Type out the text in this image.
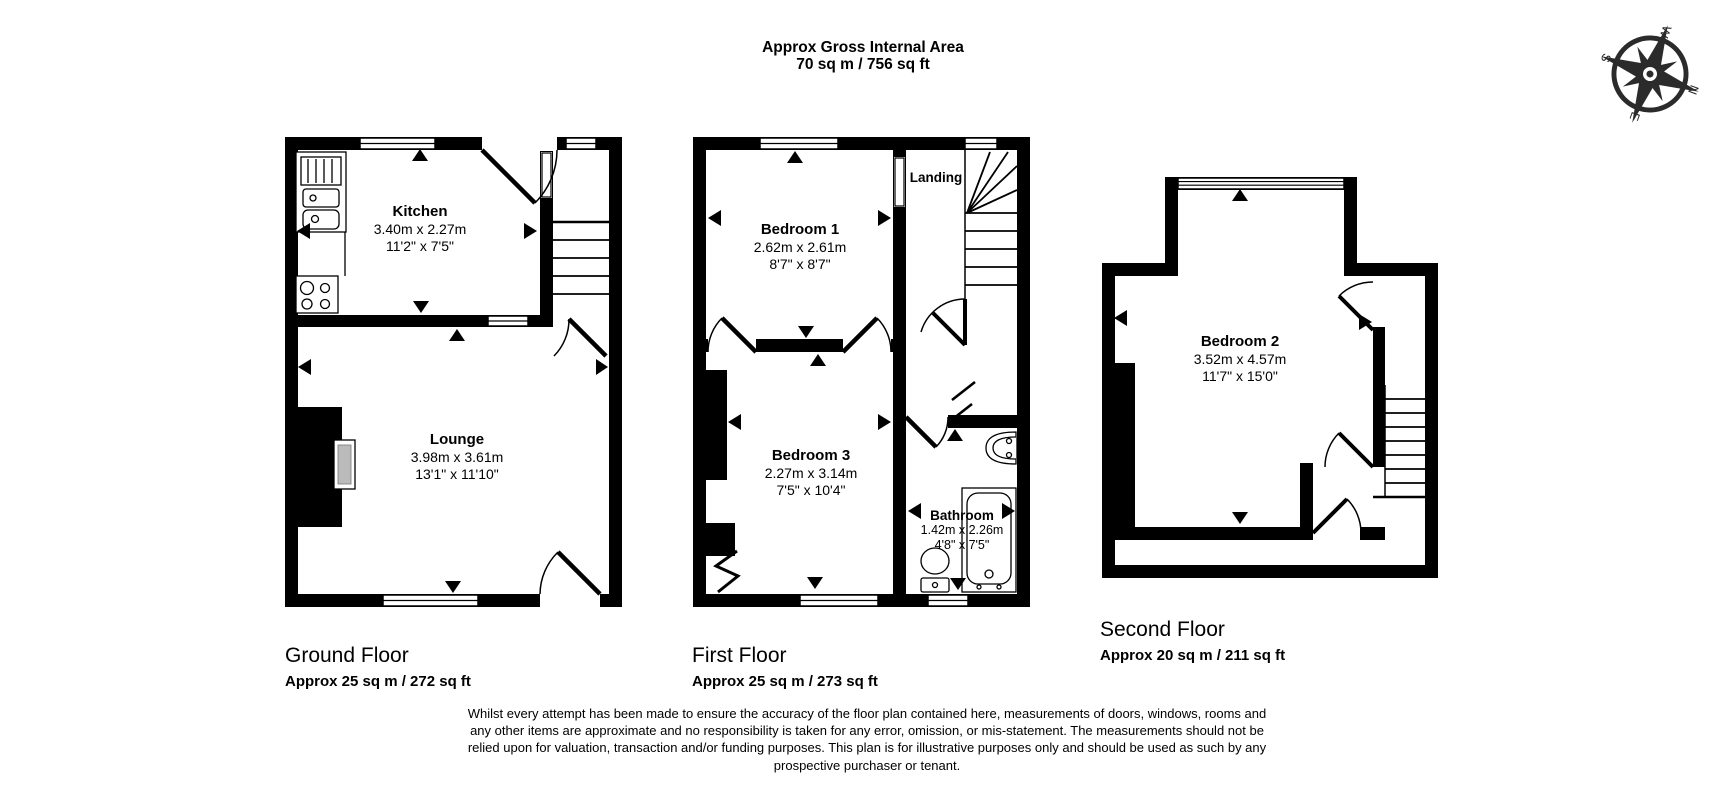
N
E
S
W
Approx Gross Internal Area
70 sq m / 756 sq ft
Kitchen
3.40m x 2.27m
11'2" x 7'5"
Lounge
3.98m x 3.61m
13'1" x 11'10"
Bedroom 1
2.62m x 2.61m
8'7" x 8'7"
Bedroom 3
2.27m x 3.14m
7'5" x 10'4"
Bathroom
1.42m x 2.26m
4'8" x 7'5"
Landing
Bedroom 2
3.52m x 4.57m
11'7" x 15'0"
Ground Floor
Approx 25 sq m / 272 sq ft
First Floor
Approx 25 sq m / 273 sq ft
Second Floor
Approx 20 sq m / 211 sq ft
Whilst every attempt has been made to ensure the accuracy of the floor plan contained here, measurements of doors, windows, rooms and
any other items are approximate and no responsibility is taken for any error, omission, or mis-statement. The measurements should not be
relied upon for valuation, transaction and/or funding purposes. This plan is for illustrative purposes only and should be used as such by any
prospective purchaser or tenant.
